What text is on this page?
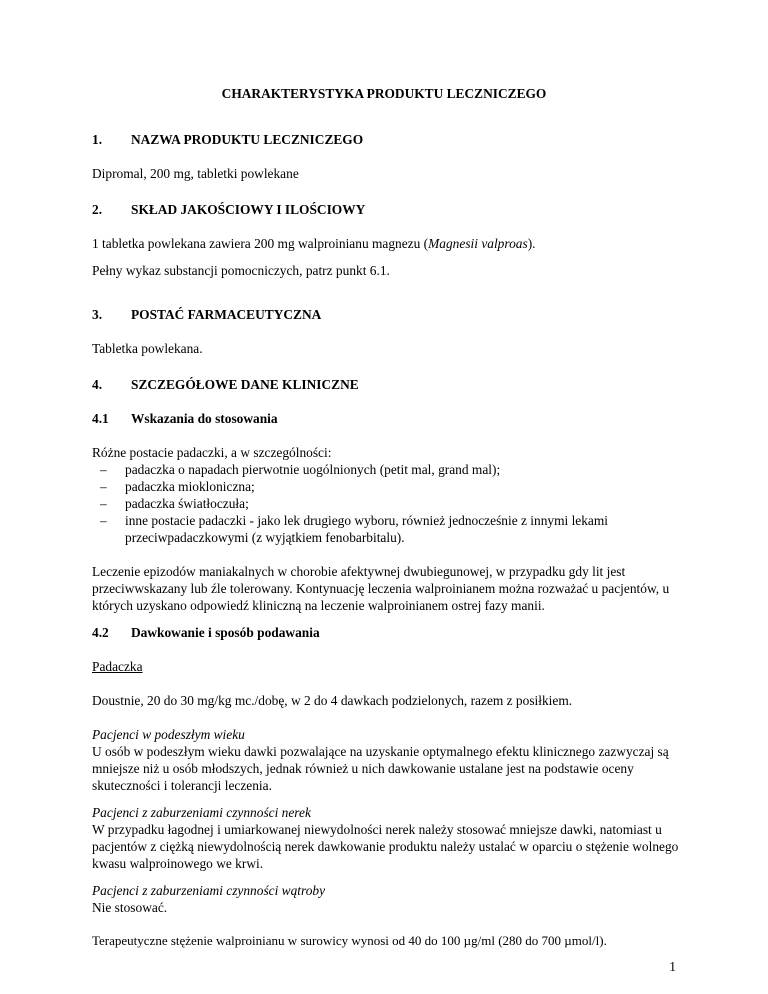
CHARAKTERYSTYKA PRODUKTU LECZNICZEGO
1. NAZWA PRODUKTU LECZNICZEGO
Dipromal, 200 mg, tabletki powlekane
2. SKŁAD JAKOŚCIOWY I ILOŚCIOWY
1 tabletka powlekana zawiera 200 mg walproinianu magnezu (Magnesii valproas).
Pełny wykaz substancji pomocniczych, patrz punkt 6.1.
3. POSTAĆ FARMACEUTYCZNA
Tabletka powlekana.
4. SZCZEGÓŁOWE DANE KLINICZNE
4.1 Wskazania do stosowania
Różne postacie padaczki, a w szczególności:
– padaczka o napadach pierwotnie uogólnionych (petit mal, grand mal);
– padaczka miokloniczna;
– padaczka światłoczuła;
– inne postacie padaczki - jako lek drugiego wyboru, również jednocześnie z innymi lekami przeciwpadaczkowymi (z wyjątkiem fenobarbitalu).
Leczenie epizodów maniakalnych w chorobie afektywnej dwubiegunowej, w przypadku gdy lit jest przeciwwskazany lub źle tolerowany. Kontynuację leczenia walproinianem można rozważać u pacjentów, u których uzyskano odpowiedź kliniczną na leczenie walproinianem ostrej fazy manii.
4.2 Dawkowanie i sposób podawania
Padaczka
Doustnie, 20 do 30 mg/kg mc./dobę, w 2 do 4 dawkach podzielonych, razem z posiłkiem.
Pacjenci w podeszłym wieku
U osób w podeszłym wieku dawki pozwalające na uzyskanie optymalnego efektu klinicznego zazwyczaj są mniejsze niż u osób młodszych, jednak również u nich dawkowanie ustalane jest na podstawie oceny skuteczności i tolerancji leczenia.
Pacjenci z zaburzeniami czynności nerek
W przypadku łagodnej i umiarkowanej niewydolności nerek należy stosować mniejsze dawki, natomiast u pacjentów z ciężką niewydolnością nerek dawkowanie produktu należy ustalać w oparciu o stężenie wolnego kwasu walproinowego we krwi.
Pacjenci z zaburzeniami czynności wątroby
Nie stosować.
Terapeutyczne stężenie walproinianu w surowicy wynosi od 40 do 100 µg/ml (280 do 700 µmol/l).
1
